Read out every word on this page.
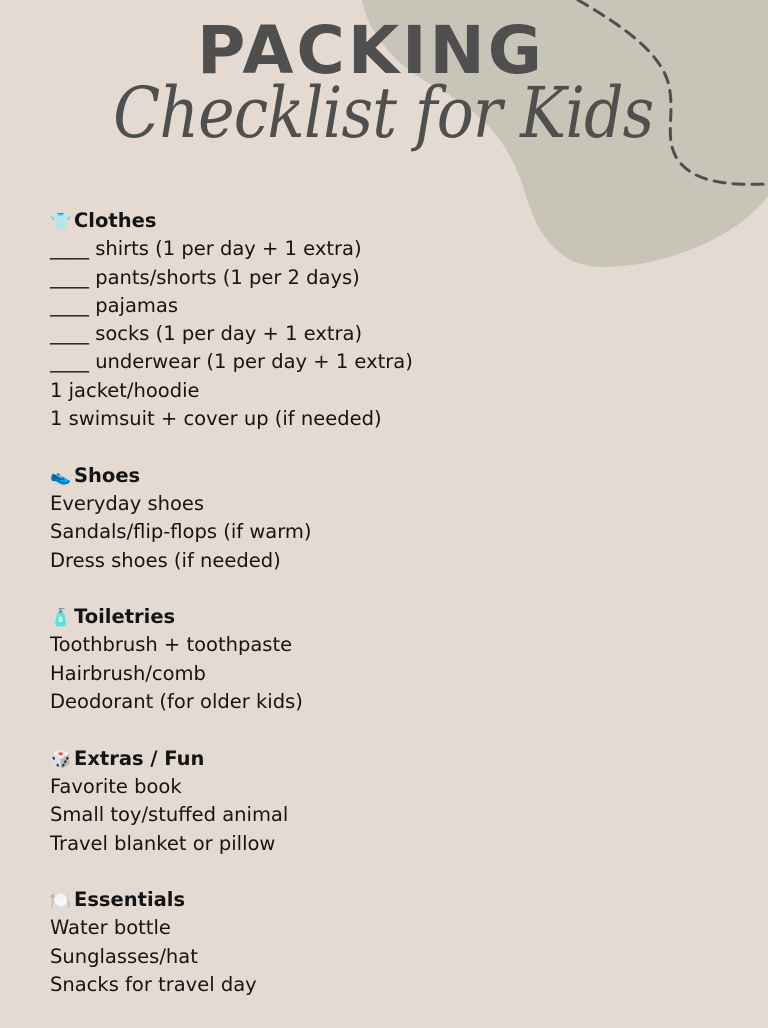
PACKING
Checklist for Kids
👕 Clothes
____ shirts (1 per day + 1 extra)
____ pants/shorts (1 per 2 days)
____ pajamas
____ socks (1 per day + 1 extra)
____ underwear (1 per day + 1 extra)
1 jacket/hoodie
1 swimsuit + cover up (if needed)
👟 Shoes
Everyday shoes
Sandals/flip-flops (if warm)
Dress shoes (if needed)
🧴 Toiletries
Toothbrush + toothpaste
Hairbrush/comb
Deodorant (for older kids)
🎲 Extras / Fun
Favorite book
Small toy/stuffed animal
Travel blanket or pillow
🍽️ Essentials
Water bottle
Sunglasses/hat
Snacks for travel day
